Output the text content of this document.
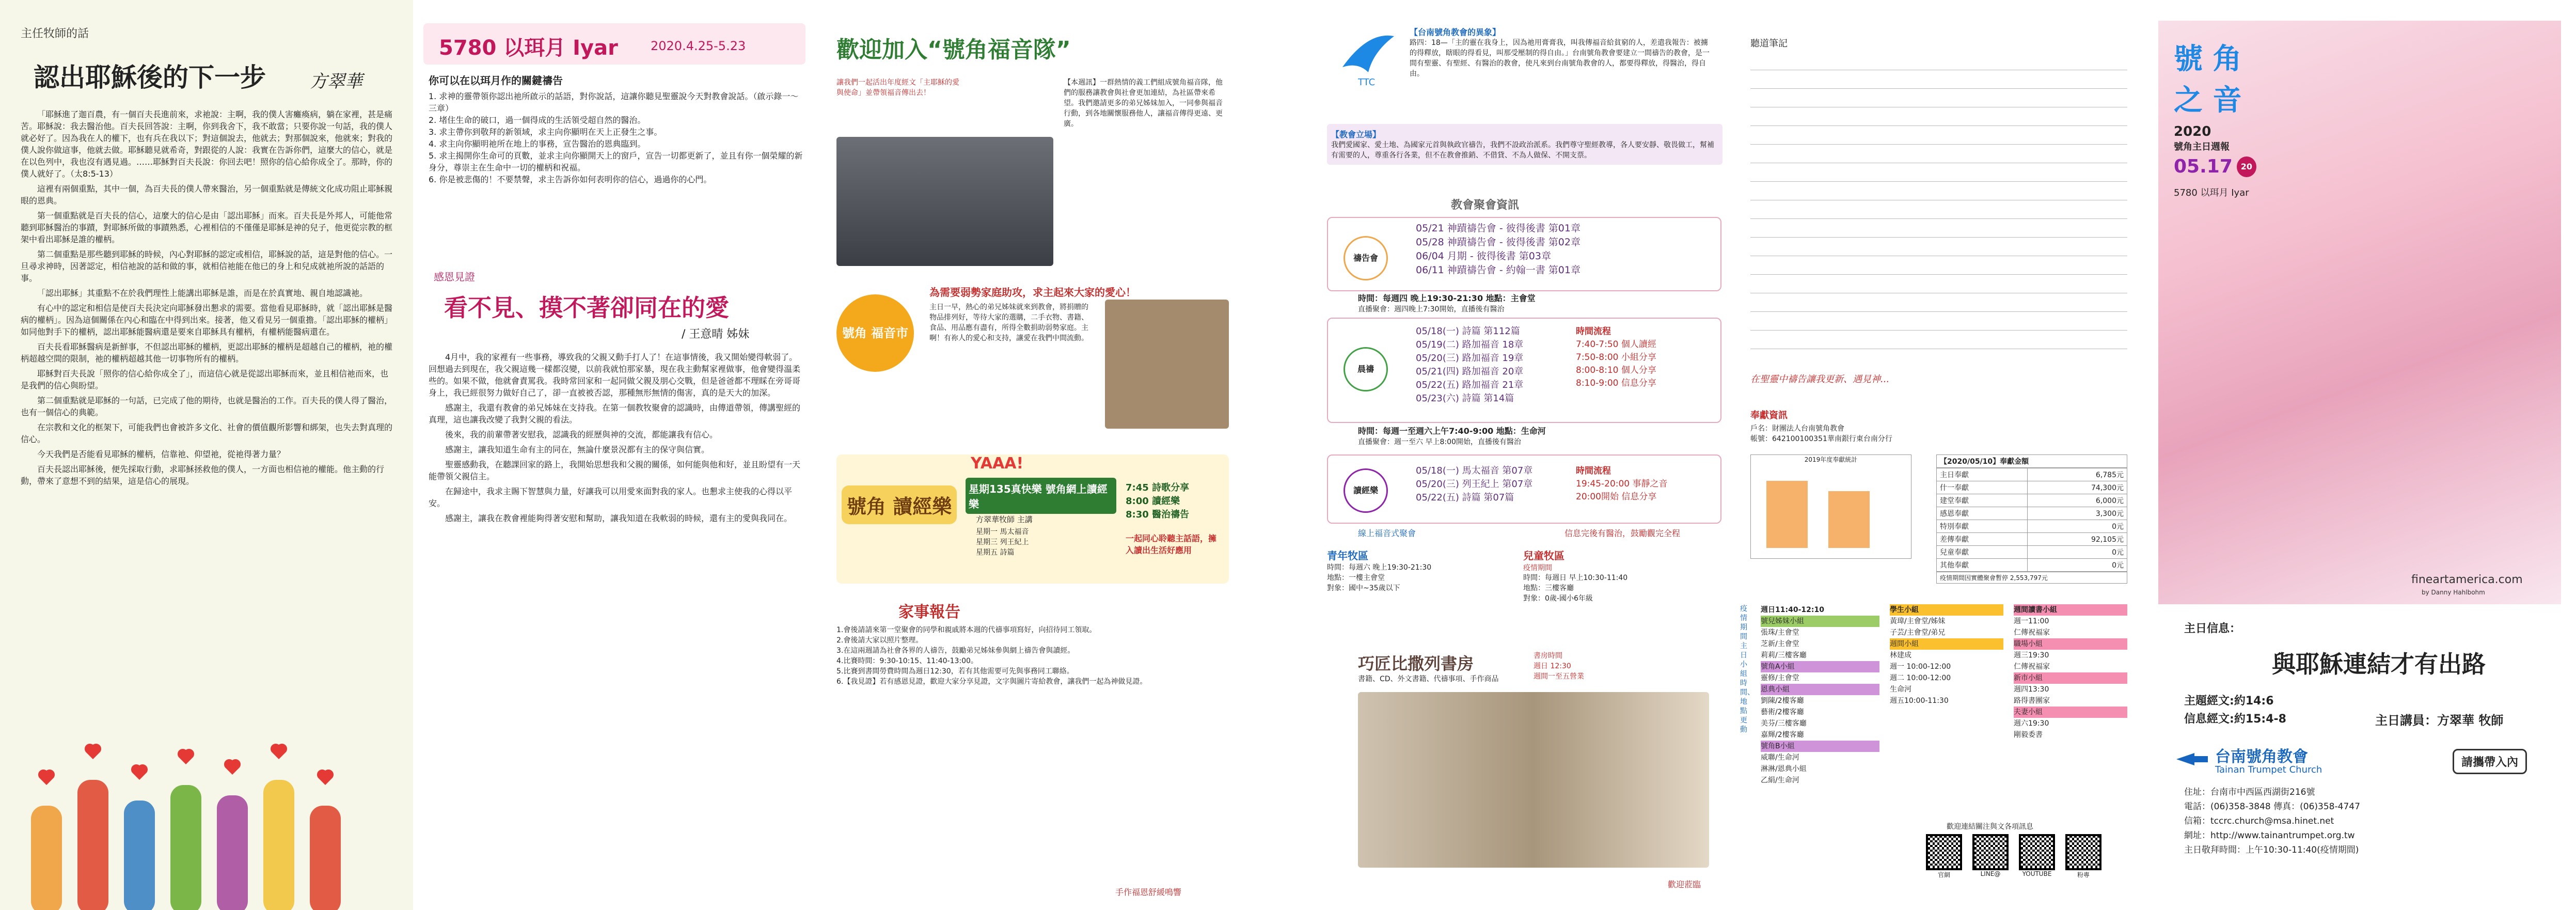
主任牧師的話
認出耶穌後的下一步	方翠華

「耶穌進了迦百農，有一個百夫長進前來，求祂說：主啊，我的僕人害癱瘓病，躺在家裡，甚是痛苦。耶穌說：我去醫治他。百夫長回答說：主啊，你到我舍下，我不敢當；只要你說一句話，我的僕人就必好了。因為我在人的權下，也有兵在我以下；對這個說去，他就去；對那個說來，他就來；對我的僕人說你做這事，他就去做。耶穌聽見就希奇，對跟從的人說：我實在告訴你們，這麼大的信心，就是在以色列中，我也沒有遇見過。……耶穌對百夫長說：你回去吧！照你的信心給你成全了。那時，你的僕人就好了。（太8:5-13）

這裡有兩個重點，其中一個，為百夫長的僕人帶來醫治，另一個重點就是傳統文化成功阻止耶穌親眼的恩典。

第一個重點就是百夫長的信心，這麼大的信心是由「認出耶穌」而來。百夫長是外邦人，可能他常聽到耶穌醫治的事蹟，對耶穌所做的事蹟熟悉，心裡相信的不僅僅是耶穌是神的兒子，他更從宗教的框架中看出耶穌是誰的權柄。

第二個重點是那些聽到耶穌的時候，內心對耶穌的認定或相信，耶穌說的話，這是對他的信心。一旦尋求神時，因著認定，相信祂說的話和做的事，就相信祂能在他已的身上和兒成就祂所說的話語的事。

「認出耶穌」其重點不在於我們理性上能講出耶穌是誰，而是在於真實地、親自地認識祂。

有心中的認定和相信是使百夫長決定向耶穌發出懇求的需要。當他看見耶穌時，就「認出耶穌是醫病的權柄」。因為這個關係在內心和臨在中得到出來。接著，他又看見另一個重擔。「認出耶穌的權柄」如同他對手下的權柄，認出耶穌能醫病還是要來自耶穌具有權柄，有權柄能醫病還在。

百夫長看耶穌醫病是新鮮事，不但認出耶穌的權柄，更認出耶穌的權柄是超越自己的權柄，祂的權柄超越空間的限制，祂的權柄超越其他一切事物所有的權柄。

耶穌對百夫長說「照你的信心給你成全了」，而這信心就是從認出耶穌而來，並且相信祂而來，也是我們的信心與盼望。

第二個重點就是耶穌的一句話，已完成了他的期待，也就是醫治的工作。百夫長的僕人得了醫治，也有一個信心的典範。

在宗教和文化的框架下，可能我們也會被許多文化、社會的價值觀所影響和綁架，也失去對真理的信心。

今天我們是否能看見耶穌的權柄，信靠祂、仰望祂，從祂得著力量？

百夫長認出耶穌後，便先採取行動，求耶穌拯救他的僕人，一方面也相信祂的權能。他主動的行動，帶來了意想不到的結果，這是信心的展現。

5780 以珥月 Iyar	2020.4.25-5.23
你可以在以珥月作的關鍵禱告
1. 求神的靈帶領你認出祂所啟示的話語，對你說話，這讓你聽見聖靈說今天對教會說話。（啟示錄一～三章）
2. 堵住生命的破口，過一個得成的生活領受超自然的醫治。
3. 求主帶你到敬拜的新領域，求主向你顯明在天上正發生之事。
4. 求主向你顯明祂所在地上的事務，宣告醫治的恩典臨到。
5. 求主揭開你生命可的頁數，並求主向你顯開天上的窗戶，宣告一切都更新了，並且有你一個榮耀的新身分，尊崇主在生命中一切的權柄和祝福。
6. 你是被悲傷的！不要禁聲，求主告訴你如何表明你的信心，過過你的心門。
感恩見證
看不見、摸不著卻同在的愛
/ 王意晴 姊妹

4月中，我的家裡有一些事務，導致我的父親又動手打人了！在這事情後，我又開始變得軟弱了。回想過去到現在，我父親這幾一樣都沒變，以前我就怕那家暴，現在我主動幫家裡做事，他會變得溫柔些的。如果不做，他就會責罵我。我時常回家和一起同做父親及朋心交戰，但是爸爸都不理睬在旁哥哥身上，我已經很努力做好自己了，卻一直被被否認，那種無形無情的傷害，真的是天大的加深。

感謝主，我還有教會的弟兄姊妹在支持我。在第一個教牧聚會的認識時，由傳道帶領，傳講聖經的真理，這也讓我改變了我對父親的看法。

後來，我的前輩帶著安慰我，認識我的經歷與神的交流，都能讓我有信心。

感謝主，讓我知道生命有主的同在，無論什麼景況都有主的保守與信實。

聖靈感動我，在聽課回家的路上，我開始思想我和父親的關係，如何能與他和好，並且盼望有一天能帶領父親信主。

在歸途中，我求主賜下智慧與力量，好讓我可以用愛來面對我的家人。也懇求主使我的心得以平安。

感謝主，讓我在教會裡能夠得著安慰和幫助，讓我知道在我軟弱的時候，還有主的愛與我同在。

歡迎加入“號角福音隊”
讓我們一起活出年度經文「主耶穌的愛與使命」並帶領福音傳出去！
【本週訊】一群熱情的義工們組成號角福音隊，他們的服務讓教會與社會更加連結，為社區帶來希望。我們邀請更多的弟兄姊妹加入，一同參與福音行動，到各地關懷服務他人，讓福音傳得更遠、更廣。
號角 福音市集
為需要弱勢家庭助攻，求主起來大家的愛心！
主日一早，熱心的弟兄姊妹就來到教會，將捐贈的物品排列好，等待大家的選購，二手衣物、書籍、食品、用品應有盡有，所得全數捐助弱勢家庭。主啊！有祢人的愛心和支持，讓愛在我們中間流動。
YAAA!
號角 讀經樂
星期135真快樂 號角網上讀經樂
方翠華牧師 主講
星期一 馬太福音
星期三 列王紀上
星期五 詩篇
7:45 詩歌分享
8:00 讀經樂
8:30 醫治禱告
一起同心聆聽主話語，擁入讀出生活好應用
家事報告
1.會後請請來第一堂聚會的同學和親戚將本週的代禱事項寫好，向招待同工領取。
2.會後請大家以照片整理。
3.在這兩週請為社會各界的人禱告，鼓勵弟兄姊妹參與網上禱告會與讀經。
4.比賽時間：9:30-10:15、11:40-13:00。
5.比賽到書間勞費時間為週日12:30，若有其他需要可先與事務同工聯絡。
6.【我見證】若有感恩見證，歡迎大家分享見證，文字與圖片寄給教會，讓我們一起為神做見證。
手作福恩舒緩鳴響
TTC
【台南號角教會的異象】
路四：18—「主的靈在我身上，因為祂用膏膏我，叫我傳福音給貧窮的人，差遣我報告：被擄的得釋放，瞎眼的得看見，叫那受壓制的得自由。」台南號角教會要建立一間禱告的教會，是一間有聖靈、有聖經、有醫治的教會，使凡來到台南號角教會的人，都要得釋放，得醫治，得自由。
【教會立場】
我們愛國家、愛土地、為國家元首與執政官禱告，我們不設政治派系。我們尊守聖經教導，各人要安靜、敬畏做工，幫補有需要的人，尊重各行各業，但不在教會推銷、不借貸、不為人做保、不開支票。
教會聚會資訊
禱告會
05/21 神蹟禱告會 - 彼得後書 第01章
05/28 神蹟禱告會 - 彼得後書 第02章
06/04 月期 - 彼得後書 第03章
06/11 神蹟禱告會 - 約翰一書 第01章
時間：每週四 晚上19:30-21:30 地點：主會堂
直播聚會：週四晚上7:30開始，直播後有醫治
晨禱
05/18(一) 詩篇 第112篇
05/19(二) 路加福音 18章
05/20(三) 路加福音 19章
05/21(四) 路加福音 20章
05/22(五) 路加福音 21章
05/23(六) 詩篇 第14篇
時間流程
7:40-7:50 個人讀經
7:50-8:00 小組分享
8:00-8:10 個人分享
8:10-9:00 信息分享
時間：每週一至週六上午7:40-9:00 地點：生命河
直播聚會：週一至六 早上8:00開始，直播後有醫治
讀經樂
05/18(一) 馬太福音 第07章
05/20(三) 列王紀上 第07章
05/22(五) 詩篇 第07篇
時間流程
19:45-20:00 事靜之音
20:00開始 信息分享
線上福音式聚會	信息完後有醫治，鼓勵觀完全程
青年牧區
時間：每週六 晚上19:30-21:30
地點：一樓主會堂
對象：國中~35歲以下
兒童牧區
疫情期間
時間：每週日 早上10:30-11:40
地點：三樓客廳
對象：0歲-國小6年級
巧匠比撒列書房	書房時間
週日 12:30
週間一至五營業
書籍、CD、外文書籍、代禱事項、手作商品
歡迎蒞臨
聽道筆記
在聖靈中禱告讓我更新、遇見神...
奉獻資訊
戶名：財團法人台南號角教會
帳號：642100100351華南銀行東台南分行
2019年度奉獻統計	【2020/05/10】奉獻金額
主日奉獻	6,785元
什一奉獻	74,300元
建堂奉獻	6,000元
感恩奉獻	3,300元
特別奉獻	0元
差傳奉獻	92,105元
兒童奉獻	0元
其他奉獻	0元
疫情期間因實體聚會暫停 2,553,797元
疫情期間主日小組時間、地點更動
週日11:40-12:10
號兒姊妹小組
張珠/主會堂
芝新/主會堂
莉莉/三樓客廳
號角A小組
靈修/主會堂
恩典小組
劉陳/2樓客廳
藝術/2樓客廳
美芬/三樓客廳
嘉輝/2樓客廳
號角B小組
威聯/生命河
淋淋/恩典小組
乙絹/生命河
學生小組
黃瑋/主會堂/姊妹
子芸/主會堂/弟兄
週間小組
林建成
週一 10:00-12:00
週二 10:00-12:00
生命河
週五10:00-11:30
週間讀書小組
週一11:00
仁傳祝福家
職場小組
週三19:30
仁傳祝福家
新市小組
週四13:30
路得書團家
夫妻小組
週六19:30
剛毅委書
歡迎連結關注與文各項訊息
官網	LINE@	YOUTUBE	粉專
號 角
之 音
2020
號角主日週報
05.17 20
5780 以珥月 Iyar
fineartamerica.com
by Danny Hahlbohm
主日信息：
與耶穌連結才有出路
主題經文:約14:6
信息經文:約15:4-8	主日講員：方翠華 牧師
台南號角教會
Tainan Trumpet Church
請攜帶入內
住址：台南市中西區西湖街216號
電話：(06)358-3848 傳真：(06)358-4747
信箱：tccrc.church@msa.hinet.net
網址：http://www.tainantrumpet.org.tw
主日敬拜時間：上午10:30-11:40(疫情期間)
